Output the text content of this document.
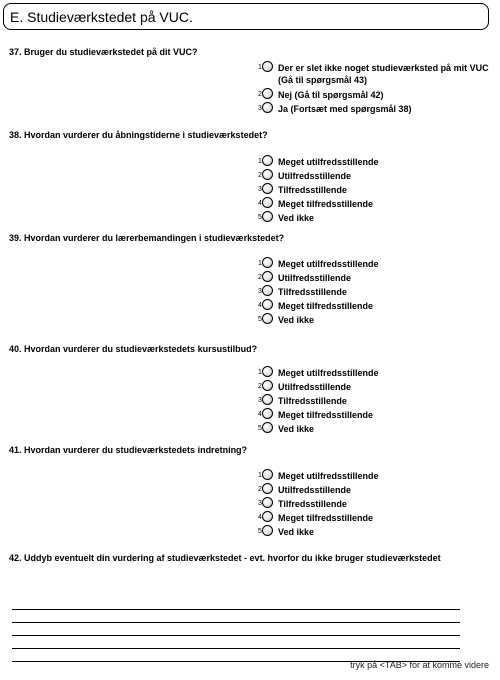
E. Studieværkstedet på VUC.
37. Bruger du studieværkstedet på dit VUC?
1 Der er slet ikke noget studieværksted på mit VUC (Gå til spørgsmål 43)
2 Nej (Gå til spørgsmål 42)
3 Ja (Fortsæt med spørgsmål 38)
38. Hvordan vurderer du åbningstiderne i studieværkstedet?
1 Meget utilfredsstillende
2 Utilfredsstillende
3 Tilfredsstillende
4 Meget tilfredsstillende
5 Ved ikke
39. Hvordan vurderer du lærerbemandingen i studieværkstedet?
1 Meget utilfredsstillende
2 Utilfredsstillende
3 Tilfredsstillende
4 Meget tilfredsstillende
5 Ved ikke
40. Hvordan vurderer du studieværkstedets kursustilbud?
1 Meget utilfredsstillende
2 Utilfredsstillende
3 Tilfredsstillende
4 Meget tilfredsstillende
5 Ved ikke
41. Hvordan vurderer du studieværkstedets indretning?
1 Meget utilfredsstillende
2 Utilfredsstillende
3 Tilfredsstillende
4 Meget tilfredsstillende
5 Ved ikke
42. Uddyb eventuelt din vurdering af studieværkstedet - evt. hvorfor du ikke bruger studieværkstedet
tryk på <TAB> for at komme videre
